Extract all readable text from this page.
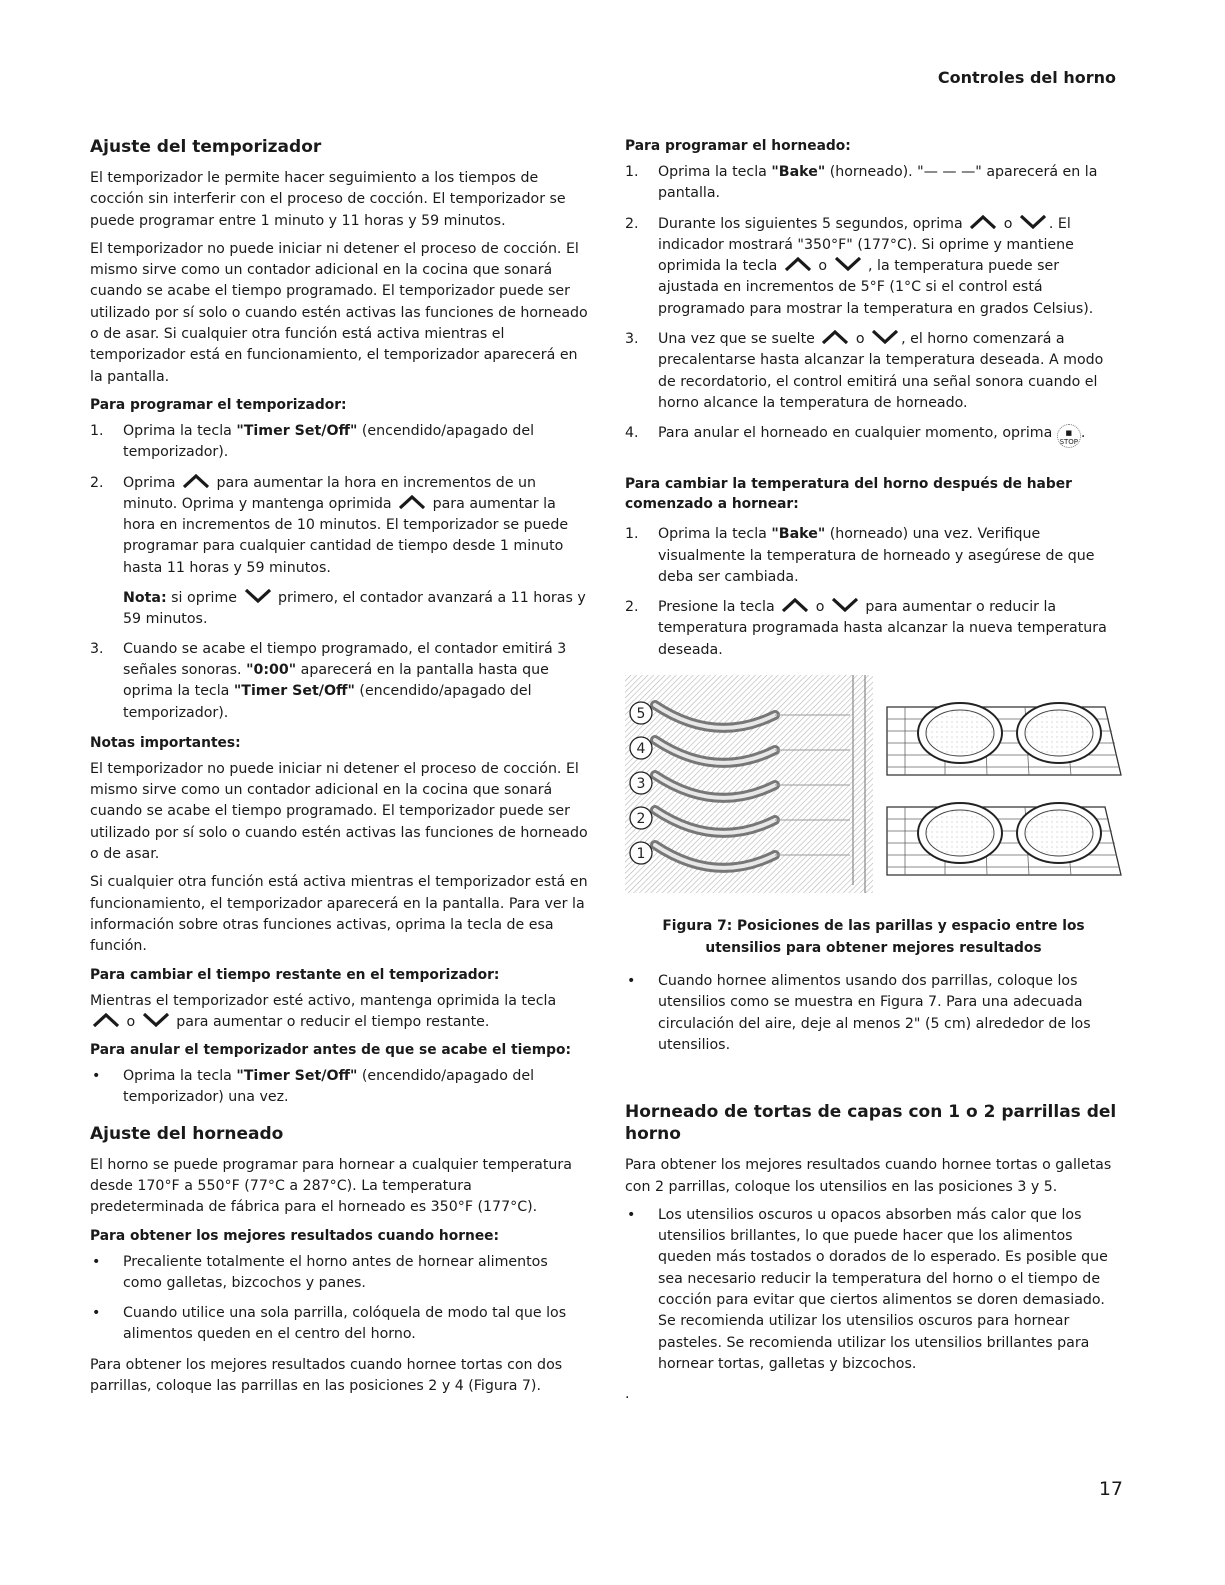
Controles del horno
Ajuste del temporizador

El temporizador le permite hacer seguimiento a los tiempos de cocción sin interferir con el proceso de cocción. El temporizador se puede programar entre 1 minuto y 11 horas y 59 minutos.

El temporizador no puede iniciar ni detener el proceso de cocción. El mismo sirve como un contador adicional en la cocina que sonará cuando se acabe el tiempo programado. El temporizador puede ser utilizado por sí solo o cuando estén activas las funciones de horneado o de asar. Si cualquier otra función está activa mientras el temporizador está en funcionamiento, el temporizador aparecerá en la pantalla.

Para programar el temporizador:
1. Oprima la tecla "Timer Set/Off" (encendido/apagado del temporizador).
2. Oprima  para aumentar la hora en incrementos de un minuto. Oprima y mantenga oprimida  para aumentar la hora en incrementos de 10 minutos. El temporizador se puede programar para cualquier cantidad de tiempo desde 1 minuto hasta 11 horas y 59 minutos.
Nota: si oprime  primero, el contador avanzará a 11 horas y 59 minutos.
3. Cuando se acabe el tiempo programado, el contador emitirá 3 señales sonoras. "0:00" aparecerá en la pantalla hasta que oprima la tecla "Timer Set/Off" (encendido/apagado del temporizador).
Notas importantes:

El temporizador no puede iniciar ni detener el proceso de cocción. El mismo sirve como un contador adicional en la cocina que sonará cuando se acabe el tiempo programado. El temporizador puede ser utilizado por sí solo o cuando estén activas las funciones de horneado o de asar.

Si cualquier otra función está activa mientras el temporizador está en funcionamiento, el temporizador aparecerá en la pantalla. Para ver la información sobre otras funciones activas, oprima la tecla de esa función.

Para cambiar el tiempo restante en el temporizador:

Mientras el temporizador esté activo, mantenga oprimida la tecla
o  para aumentar o reducir el tiempo restante.

Para anular el temporizador antes de que se acabe el tiempo:
• Oprima la tecla "Timer Set/Off" (encendido/apagado del temporizador) una vez.
Ajuste del horneado

El horno se puede programar para hornear a cualquier temperatura desde 170°F a 550°F (77°C a 287°C). La temperatura predeterminada de fábrica para el horneado es 350°F (177°C).

Para obtener los mejores resultados cuando hornee:
• Precaliente totalmente el horno antes de hornear alimentos como galletas, bizcochos y panes.
• Cuando utilice una sola parrilla, colóquela de modo tal que los alimentos queden en el centro del horno.

Para obtener los mejores resultados cuando hornee tortas con dos parrillas, coloque las parrillas en las posiciones 2 y 4 (Figura 7).

Para programar el horneado:
1. Oprima la tecla "Bake" (horneado). "— — —" aparecerá en la pantalla.
2. Durante los siguientes 5 segundos, oprima  o . El indicador mostrará "350°F" (177°C). Si oprime y mantiene oprimida la tecla  o  , la temperatura puede ser ajustada en incrementos de 5°F (1°C si el control está programado para mostrar la temperatura en grados Celsius).
3. Una vez que se suelte  o , el horno comenzará a precalentarse hasta alcanzar la temperatura deseada. A modo de recordatorio, el control emitirá una señal sonora cuando el horno alcance la temperatura de horneado.
4. Para anular el horneado en cualquier momento, oprima ■
STOP.
Para cambiar la temperatura del horno después de haber comenzado a hornear:
1. Oprima la tecla "Bake" (horneado) una vez. Verifique visualmente la temperatura de horneado y asegúrese de que deba ser cambiada.
2. Presione la tecla  o  para aumentar o reducir la temperatura programada hasta alcanzar la nueva temperatura deseada.
5
4
3
2
1
Figura 7: Posiciones de las parillas y espacio entre los utensilios para obtener mejores resultados
• Cuando hornee alimentos usando dos parrillas, coloque los utensilios como se muestra en Figura 7. Para una adecuada circulación del aire, deje al menos 2" (5 cm) alrededor de los utensilios.
Horneado de tortas de capas con 1 o 2 parrillas del horno

Para obtener los mejores resultados cuando hornee tortas o galletas con 2 parrillas, coloque los utensilios en las posiciones 3 y 5.

• Los utensilios oscuros u opacos absorben más calor que los utensilios brillantes, lo que puede hacer que los alimentos queden más tostados o dorados de lo esperado. Es posible que sea necesario reducir la temperatura del horno o el tiempo de cocción para evitar que ciertos alimentos se doren demasiado. Se recomienda utilizar los utensilios oscuros para hornear pasteles. Se recomienda utilizar los utensilios brillantes para hornear tortas, galletas y bizcochos.
.
17
